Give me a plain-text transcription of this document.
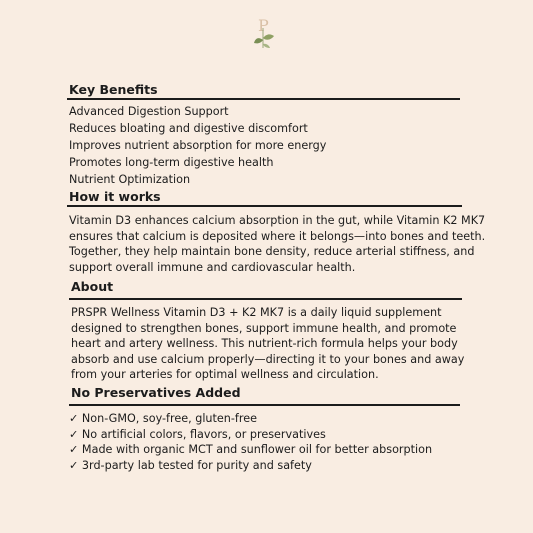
P
Key Benefits
Advanced Digestion Support
Reduces bloating and digestive discomfort
Improves nutrient absorption for more energy
Promotes long-term digestive health
Nutrient Optimization
How it works
Vitamin D3 enhances calcium absorption in the gut, while Vitamin K2 MK7
ensures that calcium is deposited where it belongs—into bones and teeth.
Together, they help maintain bone density, reduce arterial stiffness, and
support overall immune and cardiovascular health.
About
PRSPR Wellness Vitamin D3 + K2 MK7 is a daily liquid supplement
designed to strengthen bones, support immune health, and promote
heart and artery wellness. This nutrient-rich formula helps your body
absorb and use calcium properly—directing it to your bones and away
from your arteries for optimal wellness and circulation.
No Preservatives Added
✓ Non-GMO, soy-free, gluten-free
✓ No artificial colors, flavors, or preservatives
✓ Made with organic MCT and sunflower oil for better absorption
✓ 3rd-party lab tested for purity and safety
